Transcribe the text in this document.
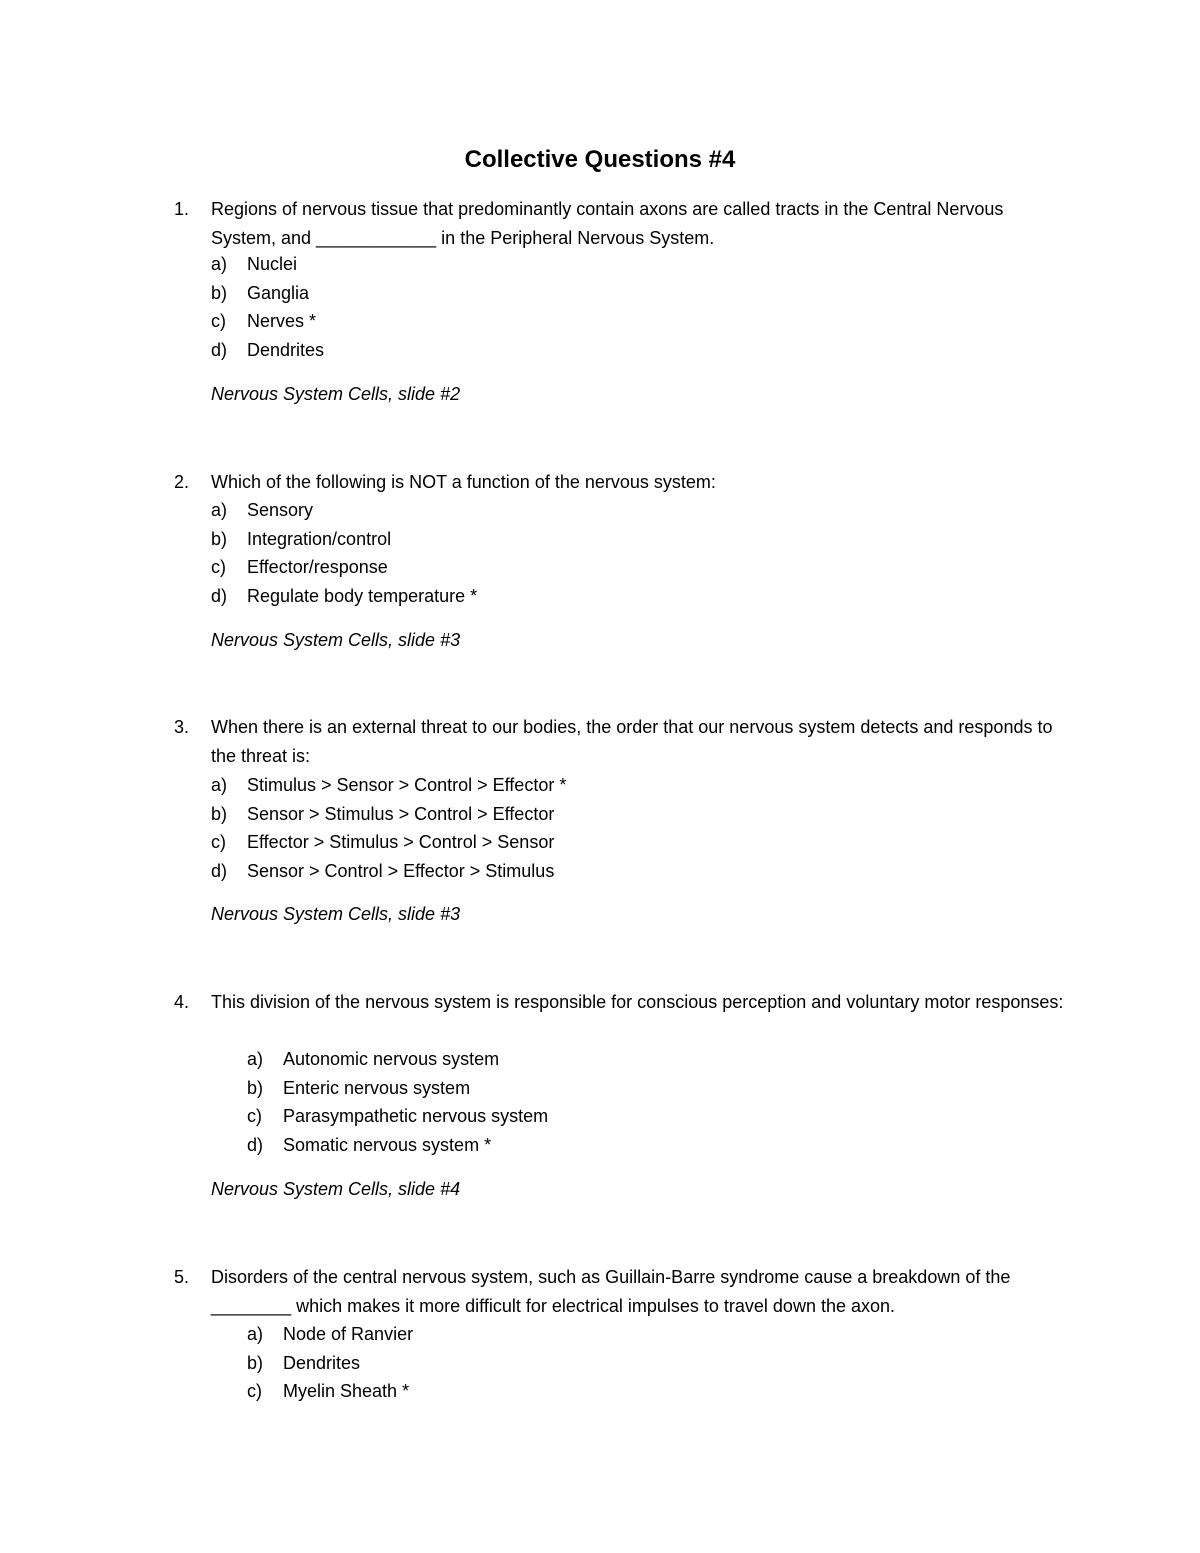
Collective Questions #4
1. Regions of nervous tissue that predominantly contain axons are called tracts in the Central Nervous System, and ____________ in the Peripheral Nervous System.
a) Nuclei
b) Ganglia
c) Nerves *
d) Dendrites
Nervous System Cells, slide #2
2. Which of the following is NOT a function of the nervous system:
a) Sensory
b) Integration/control
c) Effector/response
d) Regulate body temperature *
Nervous System Cells, slide #3
3. When there is an external threat to our bodies, the order that our nervous system detects and responds to the threat is:
a) Stimulus > Sensor > Control > Effector *
b) Sensor > Stimulus > Control > Effector
c) Effector > Stimulus > Control > Sensor
d) Sensor > Control > Effector > Stimulus
Nervous System Cells, slide #3
4. This division of the nervous system is responsible for conscious perception and voluntary motor responses:
a) Autonomic nervous system
b) Enteric nervous system
c) Parasympathetic nervous system
d) Somatic nervous system *
Nervous System Cells, slide #4
5. Disorders of the central nervous system, such as Guillain-Barre syndrome cause a breakdown of the ________ which makes it more difficult for electrical impulses to travel down the axon.
a) Node of Ranvier
b) Dendrites
c) Myelin Sheath *
